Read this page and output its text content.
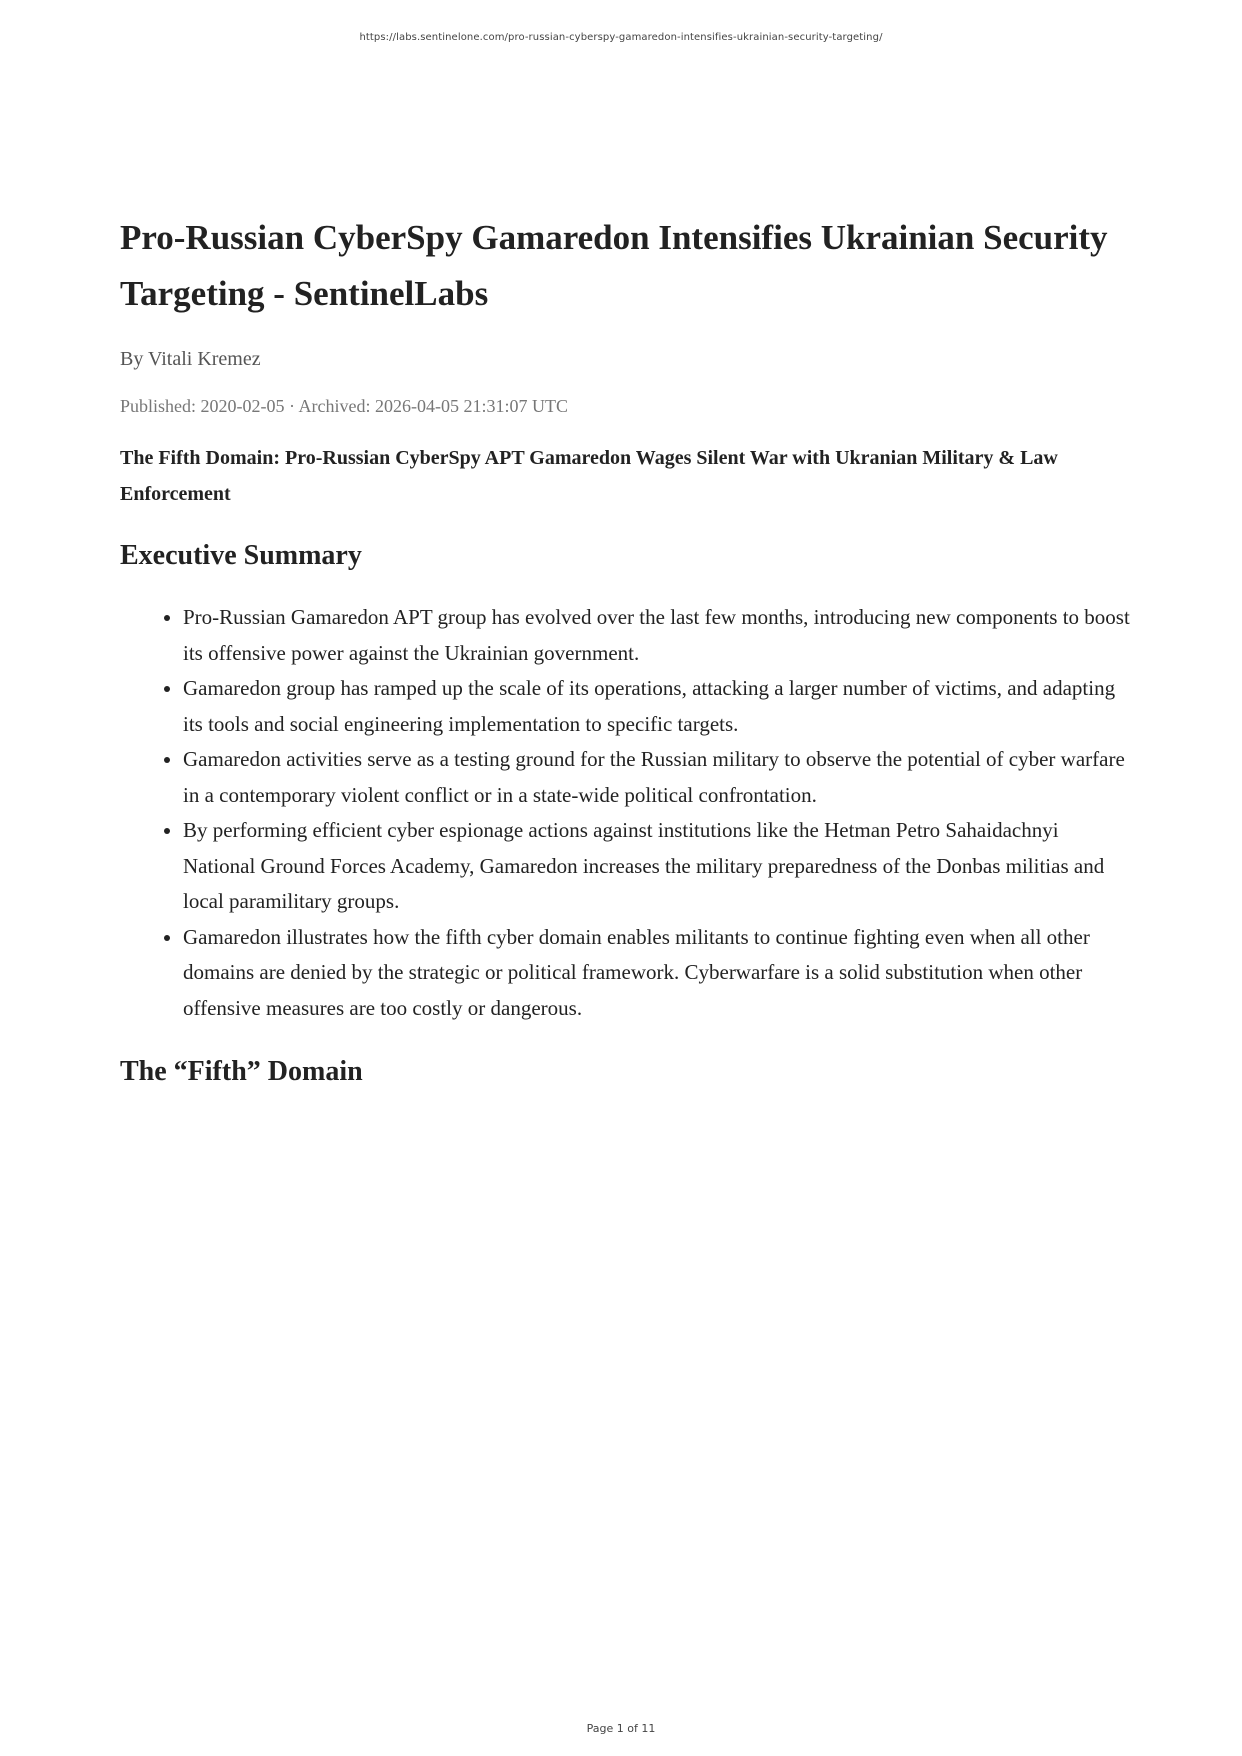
https://labs.sentinelone.com/pro-russian-cyberspy-gamaredon-intensifies-ukrainian-security-targeting/
Pro-Russian CyberSpy Gamaredon Intensifies Ukrainian Security Targeting - SentinelLabs

By Vitali Kremez

Published: 2020-02-05 · Archived: 2026-04-05 21:31:07 UTC

The Fifth Domain: Pro-Russian CyberSpy APT Gamaredon Wages Silent War with Ukranian Military & Law Enforcement

Executive Summary
• Pro-Russian Gamaredon APT group has evolved over the last few months, introducing new components to boost its offensive power against the Ukrainian government.
• Gamaredon group has ramped up the scale of its operations, attacking a larger number of victims, and adapting its tools and social engineering implementation to specific targets.
• Gamaredon activities serve as a testing ground for the Russian military to observe the potential of cyber warfare in a contemporary violent conflict or in a state-wide political confrontation.
• By performing efficient cyber espionage actions against institutions like the Hetman Petro Sahaidachnyi National Ground Forces Academy, Gamaredon increases the military preparedness of the Donbas militias and local paramilitary groups.
• Gamaredon illustrates how the fifth cyber domain enables militants to continue fighting even when all other domains are denied by the strategic or political framework. Cyberwarfare is a solid substitution when other offensive measures are too costly or dangerous.
The “Fifth” Domain
Page 1 of 11
